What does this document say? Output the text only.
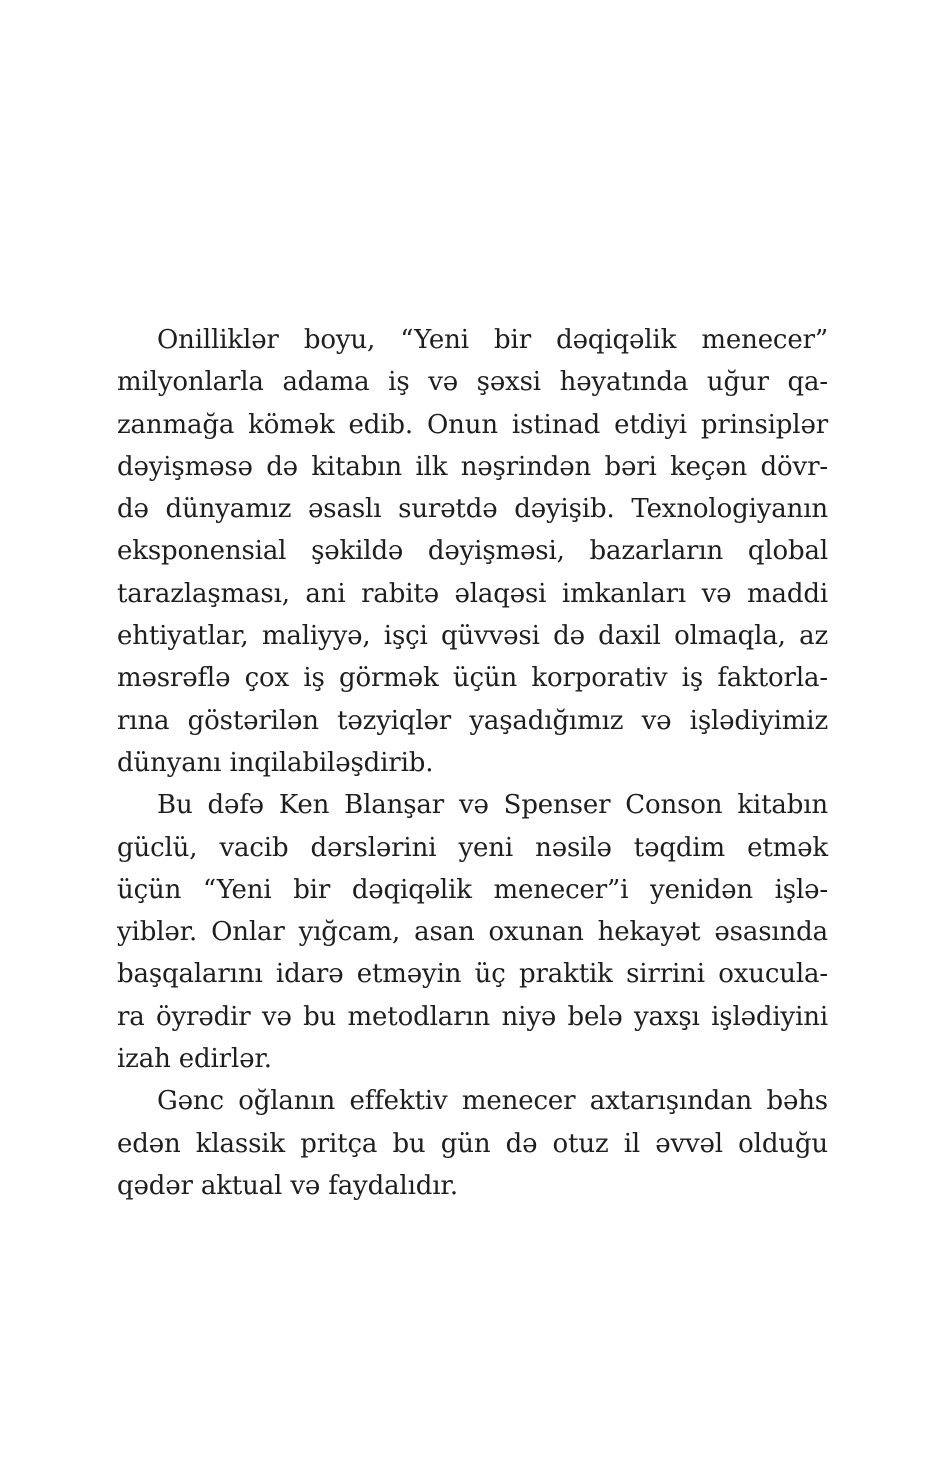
Onilliklər boyu, “Yeni bir dəqiqəlik menecer”
milyonlarla adama iş və şəxsi həyatında uğur qa-
zanmağa kömək edib. Onun istinad etdiyi prinsiplər
dəyişməsə də kitabın ilk nəşrindən bəri keçən dövr-
də dünyamız əsaslı surətdə dəyişib. Texnologiyanın
eksponensial şəkildə dəyişməsi, bazarların qlobal
tarazlaşması, ani rabitə əlaqəsi imkanları və maddi
ehtiyatlar, maliyyə, işçi qüvvəsi də daxil olmaqla, az
məsrəflə çox iş görmək üçün korporativ iş faktorla-
rına göstərilən təzyiqlər yaşadığımız və işlədiyimiz
dünyanı inqilabiləşdirib.
Bu dəfə Ken Blanşar və Spenser Conson kitabın
güclü, vacib dərslərini yeni nəsilə təqdim etmək
üçün “Yeni bir dəqiqəlik menecer”i yenidən işlə-
yiblər. Onlar yığcam, asan oxunan hekayət əsasında
başqalarını idarə etməyin üç praktik sirrini oxucula-
ra öyrədir və bu metodların niyə belə yaxşı işlədiyini
izah edirlər.
Gənc oğlanın effektiv menecer axtarışından bəhs
edən klassik pritça bu gün də otuz il əvvəl olduğu
qədər aktual və faydalıdır.
